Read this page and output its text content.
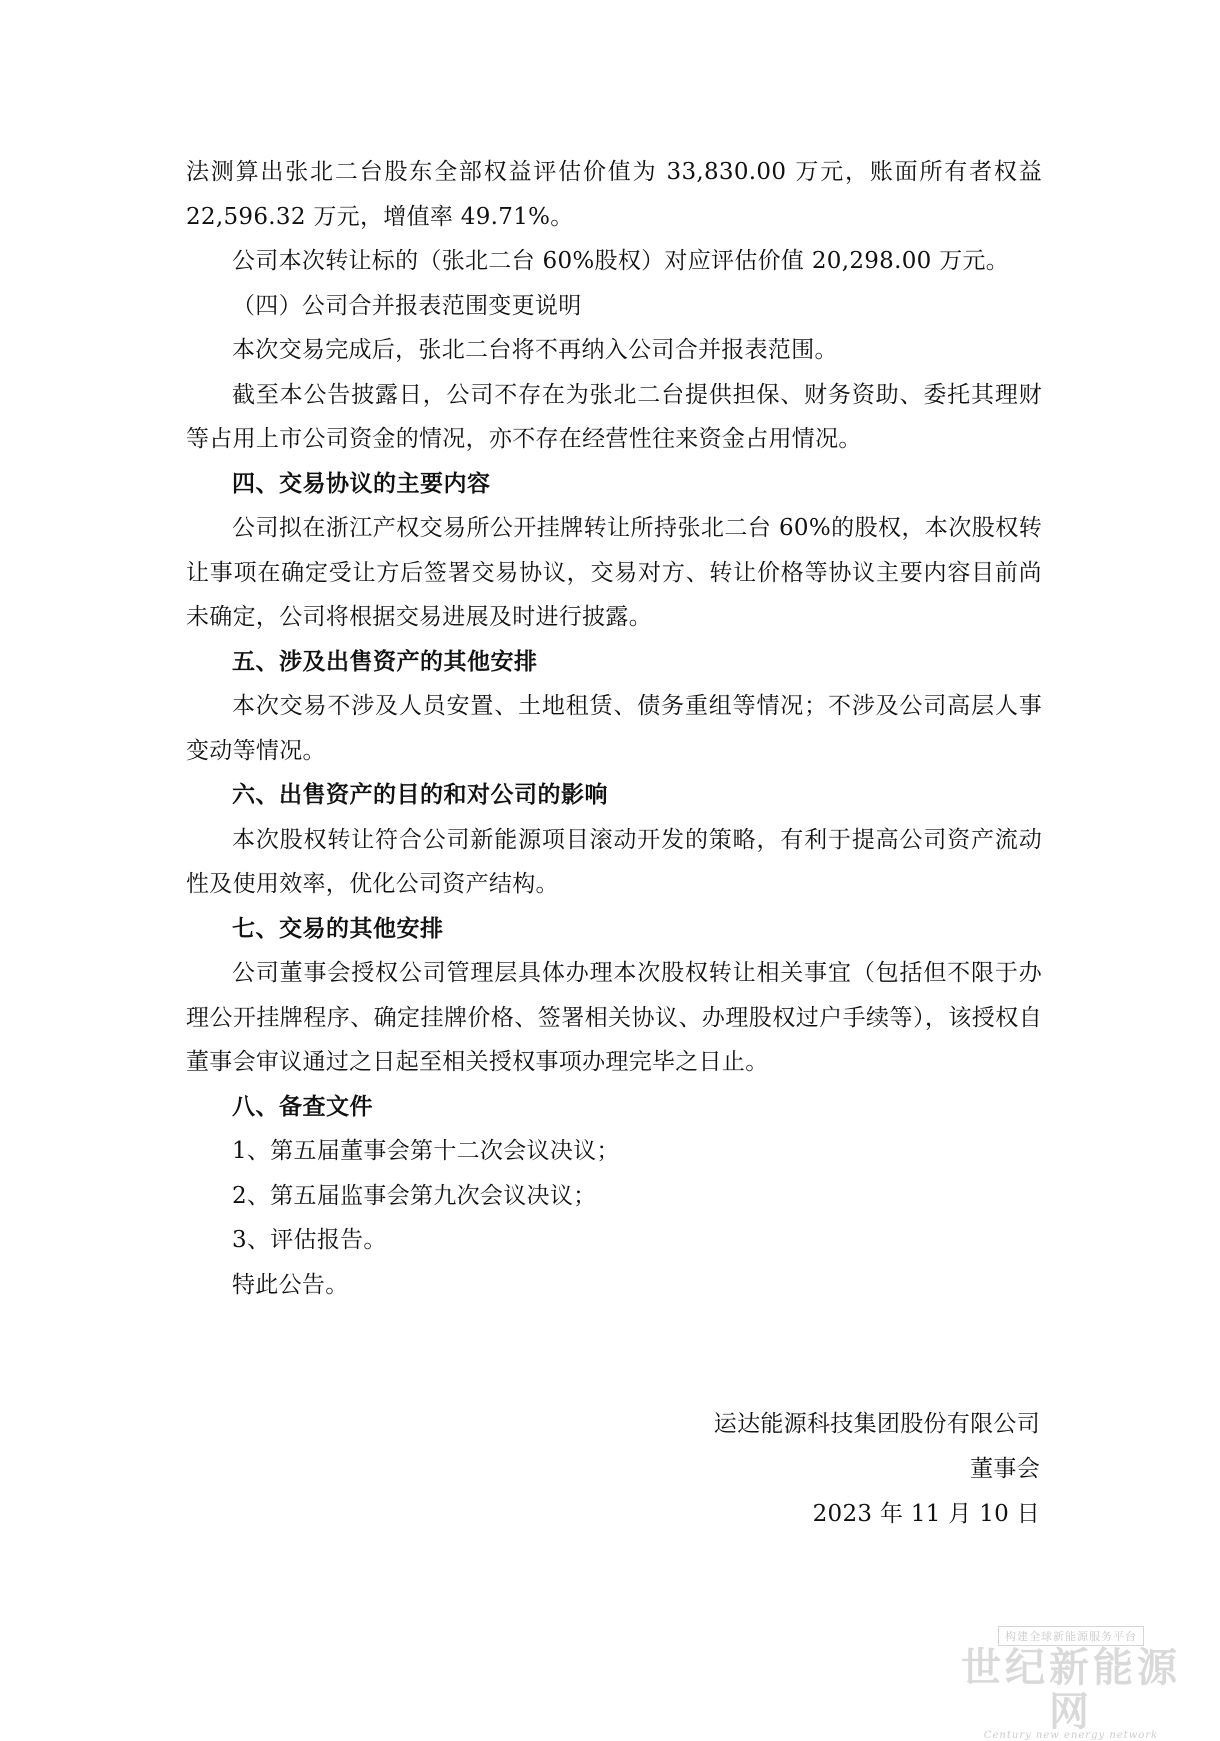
法测算出张北二台股东全部权益评估价值为 33,830.00 万元，账面所有者权益 22,596.32 万元，增值率 49.71%。

公司本次转让标的（张北二台 60%股权）对应评估价值 20,298.00 万元。

（四）公司合并报表范围变更说明

本次交易完成后，张北二台将不再纳入公司合并报表范围。

截至本公告披露日，公司不存在为张北二台提供担保、财务资助、委托其理财等占用上市公司资金的情况，亦不存在经营性往来资金占用情况。

四、交易协议的主要内容

公司拟在浙江产权交易所公开挂牌转让所持张北二台 60%的股权，本次股权转让事项在确定受让方后签署交易协议，交易对方、转让价格等协议主要内容目前尚未确定，公司将根据交易进展及时进行披露。

五、涉及出售资产的其他安排

本次交易不涉及人员安置、土地租赁、债务重组等情况；不涉及公司高层人事变动等情况。

六、出售资产的目的和对公司的影响

本次股权转让符合公司新能源项目滚动开发的策略，有利于提高公司资产流动性及使用效率，优化公司资产结构。

七、交易的其他安排

公司董事会授权公司管理层具体办理本次股权转让相关事宜（包括但不限于办理公开挂牌程序、确定挂牌价格、签署相关协议、办理股权过户手续等），该授权自董事会审议通过之日起至相关授权事项办理完毕之日止。

八、备查文件

1、第五届董事会第十二次会议决议；

2、第五届监事会第九次会议决议；

3、评估报告。

特此公告。

运达能源科技集团股份有限公司
董事会
2023 年 11 月 10 日
构建全球新能源服务平台
世纪新能源网
Century new energy network
